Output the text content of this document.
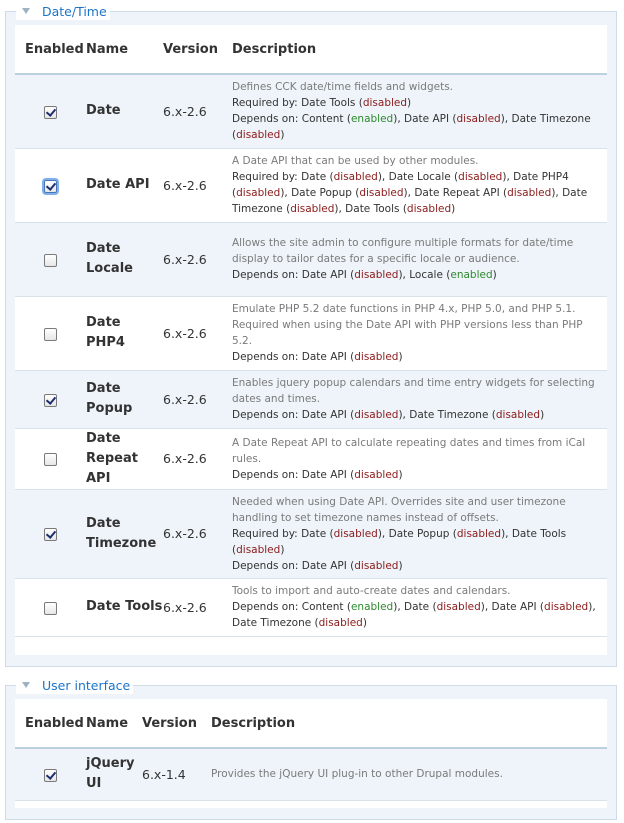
Date/Time
Enabled	Name	Version	Description
	Date	6.x-2.6	Defines CCK date/time fields and widgets.
Required by: Date Tools (disabled)
Depends on: Content (enabled), Date API (disabled), Date Timezone (disabled)

	Date API	6.x-2.6	A Date API that can be used by other modules.
Required by: Date (disabled), Date Locale (disabled), Date PHP4 (disabled), Date Popup (disabled), Date Repeat API (disabled), Date Timezone (disabled), Date Tools (disabled)

	Date Locale	6.x-2.6	Allows the site admin to configure multiple formats for date/time display to tailor dates for a specific locale or audience.
Depends on: Date API (disabled), Locale (enabled)

	Date PHP4	6.x-2.6	Emulate PHP 5.2 date functions in PHP 4.x, PHP 5.0, and PHP 5.1. Required when using the Date API with PHP versions less than PHP 5.2.
Depends on: Date API (disabled)

	Date Popup	6.x-2.6	Enables jquery popup calendars and time entry widgets for selecting dates and times.
Depends on: Date API (disabled), Date Timezone (disabled)

	Date Repeat API	6.x-2.6	A Date Repeat API to calculate repeating dates and times from iCal rules.
Depends on: Date API (disabled)

	Date Timezone	6.x-2.6	Needed when using Date API. Overrides site and user timezone handling to set timezone names instead of offsets.
Required by: Date (disabled), Date Popup (disabled), Date Tools (disabled)
Depends on: Date API (disabled)

	Date Tools	6.x-2.6	Tools to import and auto-create dates and calendars.
Depends on: Content (enabled), Date (disabled), Date API (disabled), Date Timezone (disabled)
User interface
Enabled	Name	Version	Description
	jQuery UI	6.x-1.4	Provides the jQuery UI plug-in to other Drupal modules.
